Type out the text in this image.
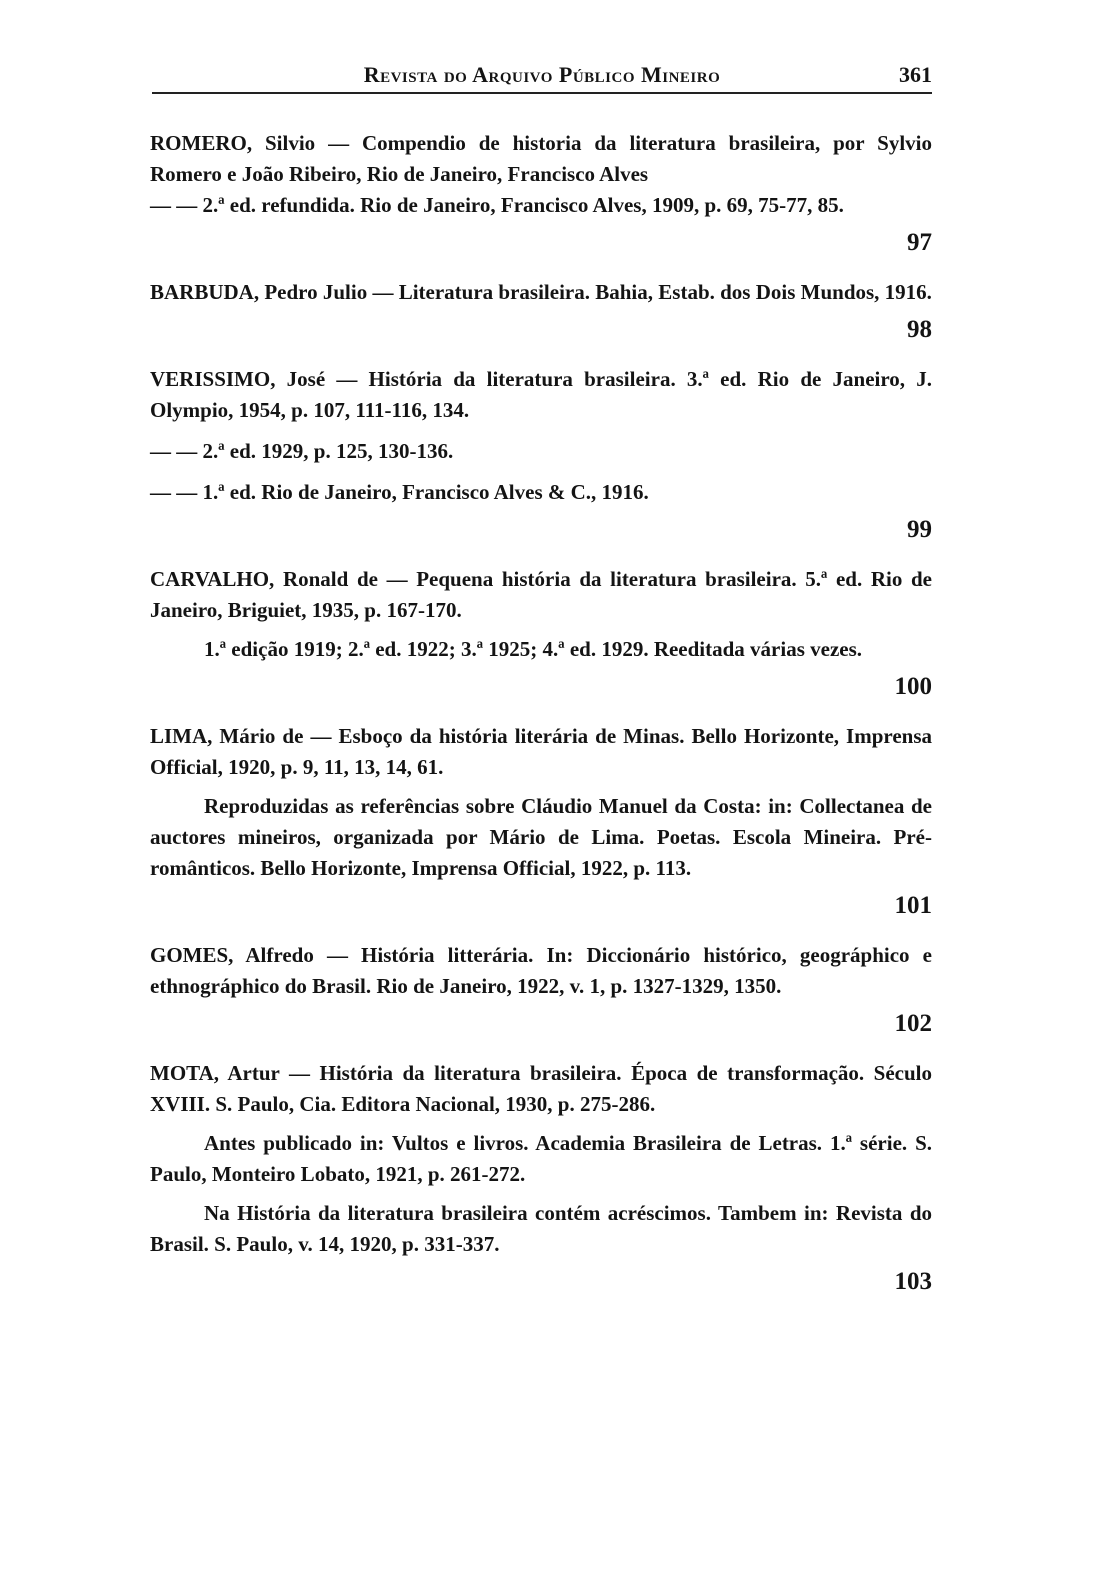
Revista do Arquivo Público Mineiro	361

ROMERO, Silvio — Compendio de historia da literatura brasileira, por Sylvio Romero e João Ribeiro, Rio de Janeiro, Francisco Alves

— — 2.ª ed. refundida. Rio de Janeiro, Francisco Alves, 1909, p. 69, 75-77, 85.

97

BARBUDA, Pedro Julio — Literatura brasileira. Bahia, Estab. dos Dois Mundos, 1916.

98

VERISSIMO, José — História da literatura brasileira. 3.ª ed. Rio de Janeiro, J. Olympio, 1954, p. 107, 111-116, 134.

— — 2.ª ed. 1929, p. 125, 130-136.

— — 1.ª ed. Rio de Janeiro, Francisco Alves & C., 1916.

99

CARVALHO, Ronald de — Pequena história da literatura brasileira. 5.ª ed. Rio de Janeiro, Briguiet, 1935, p. 167-170.

1.ª edição 1919; 2.ª ed. 1922; 3.ª 1925; 4.ª ed. 1929. Reeditada várias vezes.

100

LIMA, Mário de — Esboço da história literária de Minas. Bello Horizonte, Imprensa Official, 1920, p. 9, 11, 13, 14, 61.

Reproduzidas as referências sobre Cláudio Manuel da Costa: in: Collectanea de auctores mineiros, organizada por Mário de Lima. Poetas. Escola Mineira. Pré-românticos. Bello Horizonte, Imprensa Official, 1922, p. 113.

101

GOMES, Alfredo — História litterária. In: Diccionário histórico, geográphico e ethnográphico do Brasil. Rio de Janeiro, 1922, v. 1, p. 1327-1329, 1350.

102

MOTA, Artur — História da literatura brasileira. Época de transformação. Século XVIII. S. Paulo, Cia. Editora Nacional, 1930, p. 275-286.

Antes publicado in: Vultos e livros. Academia Brasileira de Letras. 1.ª série. S. Paulo, Monteiro Lobato, 1921, p. 261-272.

Na História da literatura brasileira contém acréscimos. Tambem in: Revista do Brasil. S. Paulo, v. 14, 1920, p. 331-337.

103
